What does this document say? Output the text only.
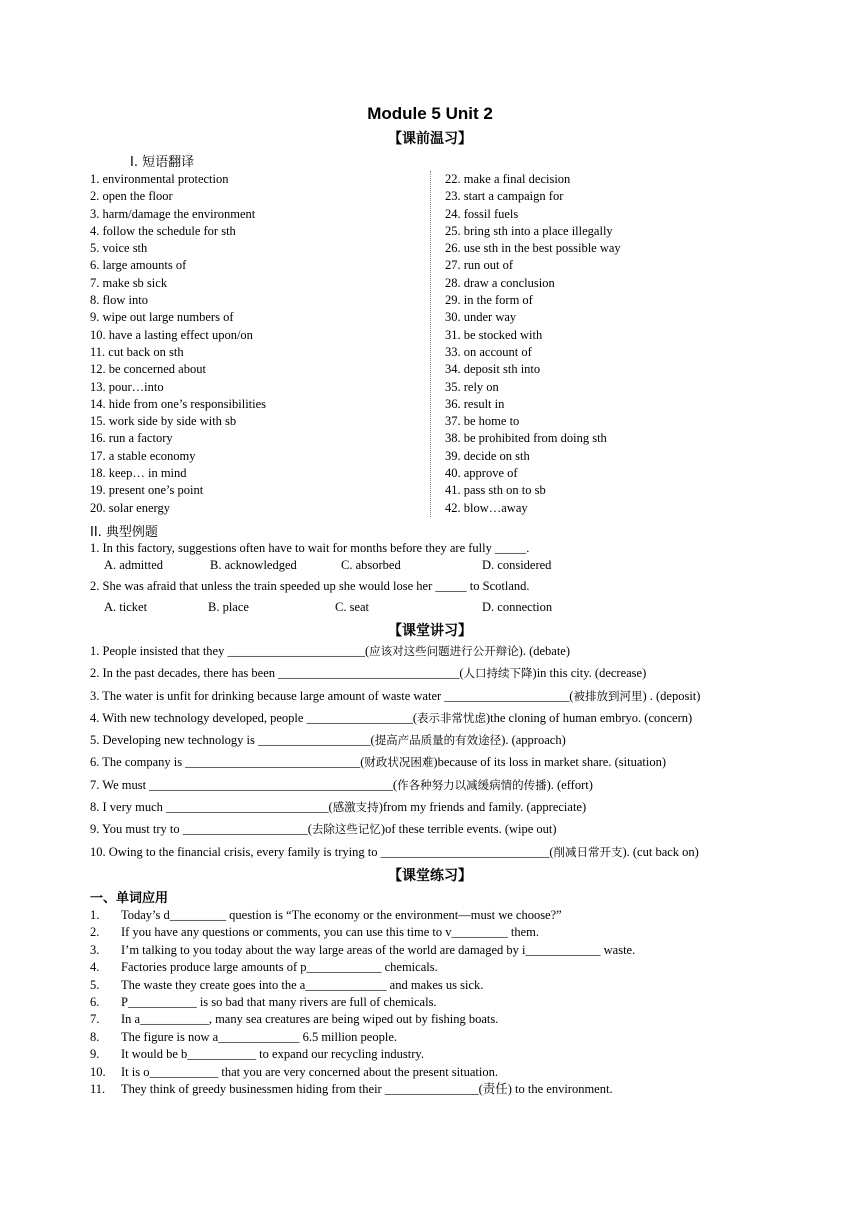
Module 5 Unit 2
【课前温习】
I. 短语翻译
1. environmental protection
2. open the floor
3. harm/damage the environment
4. follow the schedule for sth
5. voice sth
6. large amounts of
7. make sb sick
8. flow into
9. wipe out large numbers of
10. have a lasting effect upon/on
11. cut back on sth
12. be concerned about
13. pour…into
14. hide from one’s responsibilities
15. work side by side with sb
16. run a factory
17. a stable economy
18. keep… in mind
19. present one’s point
20. solar energy
22. make a final decision
23. start a campaign for
24. fossil fuels
25. bring sth into a place illegally
26. use sth in the best possible way
27. run out of
28. draw a conclusion
29. in the form of
30. under way
31. be stocked with
33. on account of
34. deposit sth into
35. rely on
36. result in
37. be home to
38. be prohibited from doing sth
39. decide on sth
40. approve of
41. pass sth on to sb
42. blow…away
II. 典型例题
1. In this factory, suggestions often have to wait for months before they are fully _____.
A. admitted	B. acknowledged	C. absorbed	D. considered
2. She was afraid that unless the train speeded up she would lose her _____ to Scotland.
A. ticket	B. place	C. seat	D. connection
【课堂讲习】
1. People insisted that they ______________________(应该对这些问题进行公开辩论). (debate)
2. In the past decades, there has been _____________________________(人口持续下降)in this city. (decrease)
3. The water is unfit for drinking because large amount of waste water ____________________(被排放到河里) . (deposit)
4. With new technology developed, people _________________(表示非常忧虑)the cloning of human embryo. (concern)
5. Developing new technology is __________________(提高产品质量的有效途径). (approach)
6. The company is ____________________________(财政状况困难)because of its loss in market share. (situation)
7. We must _______________________________________(作各种努力以减缓病情的传播). (effort)
8. I very much __________________________(感激支持)from my friends and family. (appreciate)
9. You must try to ____________________(去除这些记忆)of these terrible events. (wipe out)
10. Owing to the financial crisis, every family is trying to ___________________________(削减日常开支). (cut back on)
【课堂练习】
一、单词应用
1. Today’s d_________ question is “The economy or the environment—must we choose?”
2. If you have any questions or comments, you can use this time to v_________ them.
3. I’m talking to you today about the way large areas of the world are damaged by i____________ waste.
4. Factories produce large amounts of p____________ chemicals.
5. The waste they create goes into the a_____________ and makes us sick.
6. P___________ is so bad that many rivers are full of chemicals.
7. In a___________, many sea creatures are being wiped out by fishing boats.
8. The figure is now a_____________ 6.5 million people.
9. It would be b___________ to expand our recycling industry.
10. It is o___________ that you are very concerned about the present situation.
11. They think of greedy businessmen hiding from their _______________(责任) to the environment.
